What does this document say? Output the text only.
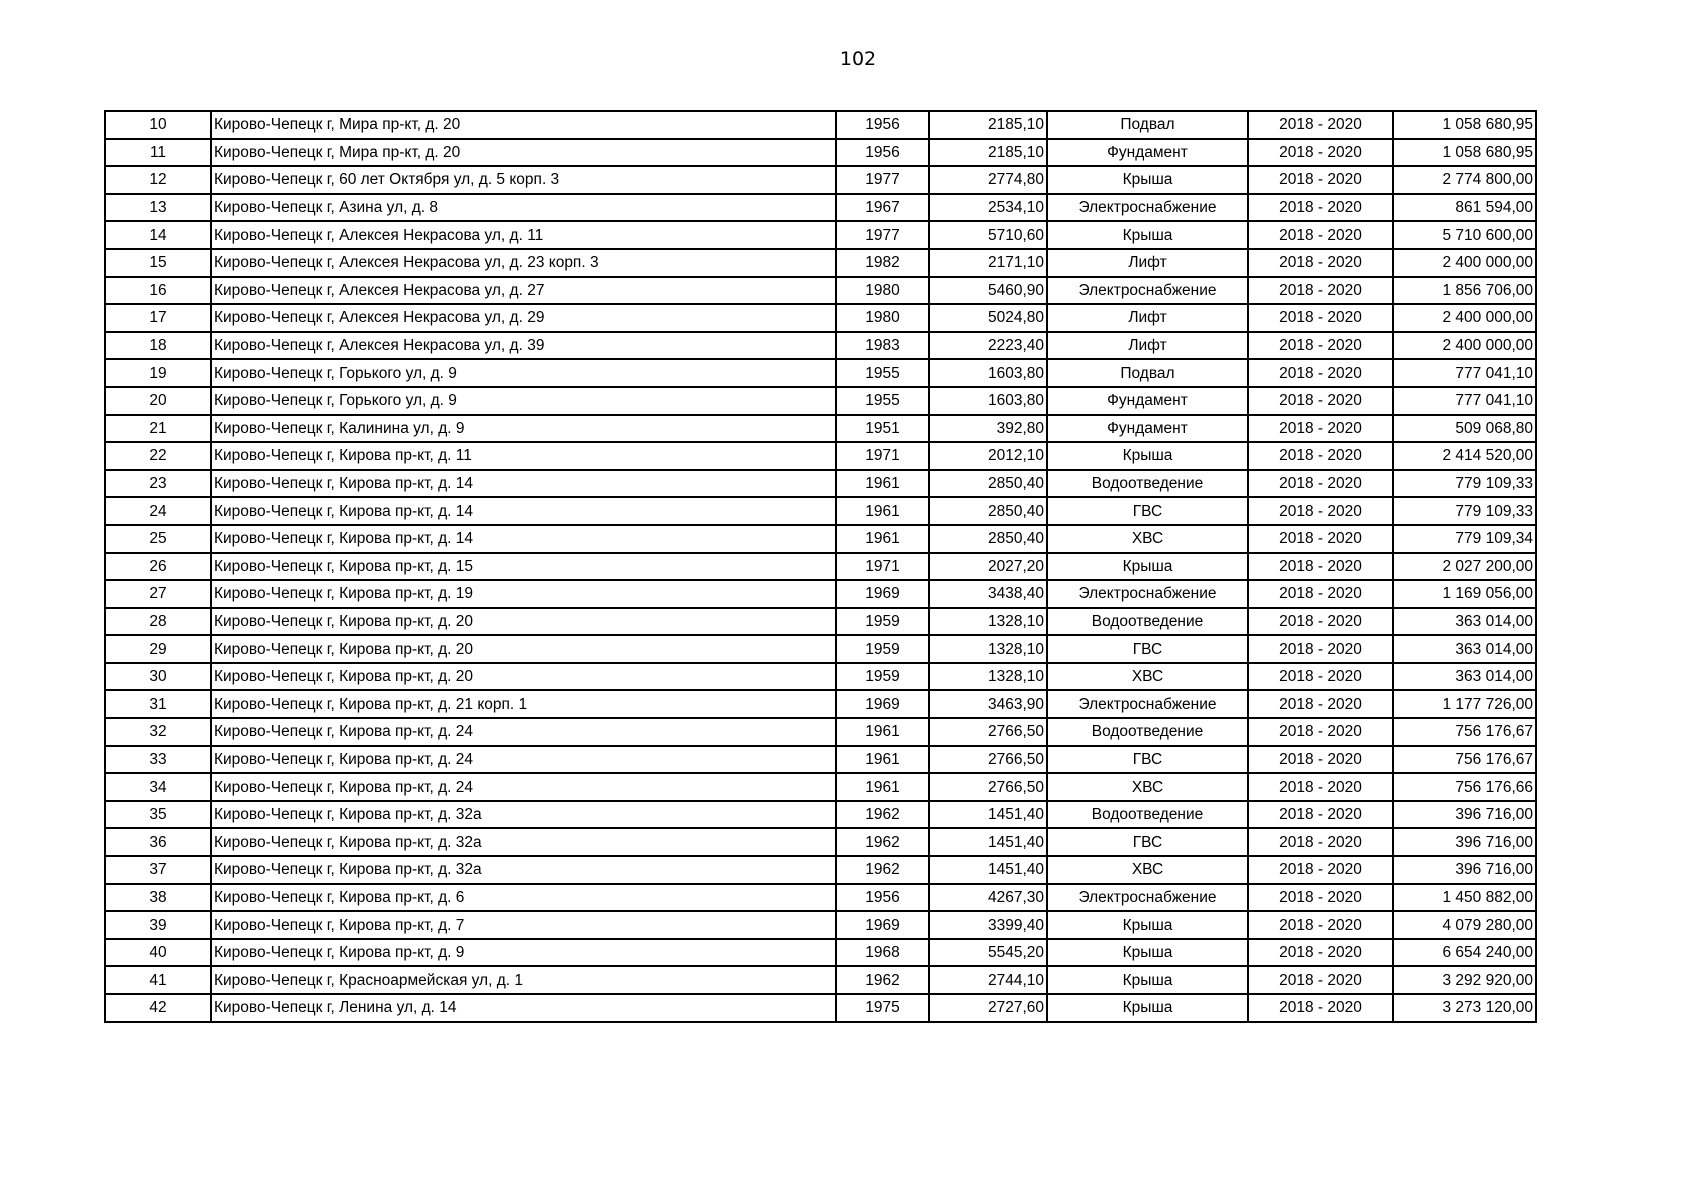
102
10	Кирово-Чепецк г, Мира пр-кт, д. 20	1956	2185,10	Подвал	2018 - 2020	1 058 680,95
11	Кирово-Чепецк г, Мира пр-кт, д. 20	1956	2185,10	Фундамент	2018 - 2020	1 058 680,95
12	Кирово-Чепецк г, 60 лет Октября ул, д. 5 корп. 3	1977	2774,80	Крыша	2018 - 2020	2 774 800,00
13	Кирово-Чепецк г, Азина ул, д. 8	1967	2534,10	Электроснабжение	2018 - 2020	861 594,00
14	Кирово-Чепецк г, Алексея Некрасова ул, д. 11	1977	5710,60	Крыша	2018 - 2020	5 710 600,00
15	Кирово-Чепецк г, Алексея Некрасова ул, д. 23 корп. 3	1982	2171,10	Лифт	2018 - 2020	2 400 000,00
16	Кирово-Чепецк г, Алексея Некрасова ул, д. 27	1980	5460,90	Электроснабжение	2018 - 2020	1 856 706,00
17	Кирово-Чепецк г, Алексея Некрасова ул, д. 29	1980	5024,80	Лифт	2018 - 2020	2 400 000,00
18	Кирово-Чепецк г, Алексея Некрасова ул, д. 39	1983	2223,40	Лифт	2018 - 2020	2 400 000,00
19	Кирово-Чепецк г, Горького ул, д. 9	1955	1603,80	Подвал	2018 - 2020	777 041,10
20	Кирово-Чепецк г, Горького ул, д. 9	1955	1603,80	Фундамент	2018 - 2020	777 041,10
21	Кирово-Чепецк г, Калинина ул, д. 9	1951	392,80	Фундамент	2018 - 2020	509 068,80
22	Кирово-Чепецк г, Кирова пр-кт, д. 11	1971	2012,10	Крыша	2018 - 2020	2 414 520,00
23	Кирово-Чепецк г, Кирова пр-кт, д. 14	1961	2850,40	Водоотведение	2018 - 2020	779 109,33
24	Кирово-Чепецк г, Кирова пр-кт, д. 14	1961	2850,40	ГВС	2018 - 2020	779 109,33
25	Кирово-Чепецк г, Кирова пр-кт, д. 14	1961	2850,40	ХВС	2018 - 2020	779 109,34
26	Кирово-Чепецк г, Кирова пр-кт, д. 15	1971	2027,20	Крыша	2018 - 2020	2 027 200,00
27	Кирово-Чепецк г, Кирова пр-кт, д. 19	1969	3438,40	Электроснабжение	2018 - 2020	1 169 056,00
28	Кирово-Чепецк г, Кирова пр-кт, д. 20	1959	1328,10	Водоотведение	2018 - 2020	363 014,00
29	Кирово-Чепецк г, Кирова пр-кт, д. 20	1959	1328,10	ГВС	2018 - 2020	363 014,00
30	Кирово-Чепецк г, Кирова пр-кт, д. 20	1959	1328,10	ХВС	2018 - 2020	363 014,00
31	Кирово-Чепецк г, Кирова пр-кт, д. 21 корп. 1	1969	3463,90	Электроснабжение	2018 - 2020	1 177 726,00
32	Кирово-Чепецк г, Кирова пр-кт, д. 24	1961	2766,50	Водоотведение	2018 - 2020	756 176,67
33	Кирово-Чепецк г, Кирова пр-кт, д. 24	1961	2766,50	ГВС	2018 - 2020	756 176,67
34	Кирово-Чепецк г, Кирова пр-кт, д. 24	1961	2766,50	ХВС	2018 - 2020	756 176,66
35	Кирово-Чепецк г, Кирова пр-кт, д. 32а	1962	1451,40	Водоотведение	2018 - 2020	396 716,00
36	Кирово-Чепецк г, Кирова пр-кт, д. 32а	1962	1451,40	ГВС	2018 - 2020	396 716,00
37	Кирово-Чепецк г, Кирова пр-кт, д. 32а	1962	1451,40	ХВС	2018 - 2020	396 716,00
38	Кирово-Чепецк г, Кирова пр-кт, д. 6	1956	4267,30	Электроснабжение	2018 - 2020	1 450 882,00
39	Кирово-Чепецк г, Кирова пр-кт, д. 7	1969	3399,40	Крыша	2018 - 2020	4 079 280,00
40	Кирово-Чепецк г, Кирова пр-кт, д. 9	1968	5545,20	Крыша	2018 - 2020	6 654 240,00
41	Кирово-Чепецк г, Красноармейская ул, д. 1	1962	2744,10	Крыша	2018 - 2020	3 292 920,00
42	Кирово-Чепецк г, Ленина ул, д. 14	1975	2727,60	Крыша	2018 - 2020	3 273 120,00
